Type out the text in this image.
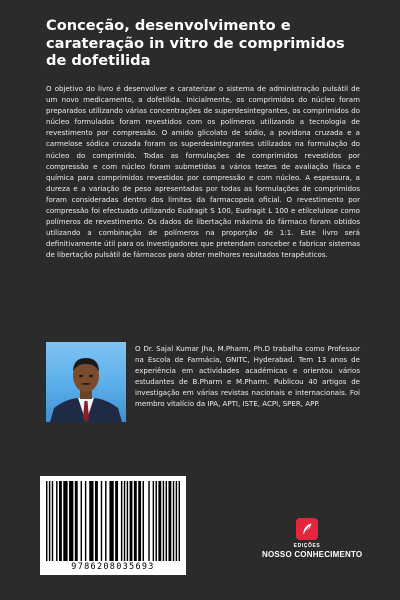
Conceção, desenvolvimento e carateração in vitro de comprimidos de dofetilida

O objetivo do livro é desenvolver e caraterizar o sistema de administração pulsátil de um novo medicamento, a dofetilida. Inicialmente, os comprimidos do núcleo foram preparados utilizando várias concentrações de superdesintegrantes, os comprimidos do núcleo formulados foram revestidos com os polímeros utilizando a tecnologia de revestimento por compressão. O amido glicolato de sódio, a povidona cruzada e a carmelose sódica cruzada foram os superdesintegrantes utilizados na formulação do núcleo do comprimido. Todas as formulações de comprimidos revestidos por compressão e com núcleo foram submetidas a vários testes de avaliação física e química para comprimidos revestidos por compressão e com núcleo. A espessura, a dureza e a variação de peso apresentadas por todas as formulações de comprimidos foram consideradas dentro dos limites da farmacopeia oficial. O revestimento por compressão foi efectuado utilizando Eudragit S 100, Eudragit L 100 e etilcelulose como polímeros de revestimento. Os dados de libertação máxima do fármaco foram obtidos utilizando a combinação de polímeros na proporção de 1:1. Este livro será definitivamente útil para os investigadores que pretendam conceber e fabricar sistemas de libertação pulsátil de fármacos para obter melhores resultados terapêuticos.

O Dr. Sajal Kumar Jha, M.Pharm, Ph.D trabalha como Professor na Escola de Farmácia, GNITC, Hyderabad. Tem 13 anos de experiência em actividades académicas e orientou vários estudantes de B.Pharm e M.Pharm. Publicou 40 artigos de investigação em várias revistas nacionais e internacionais. Foi membro vitalício da IPA, APTI, ISTE, ACPI, SPER, APP.

9786208035693
EDIÇÕES
NOSSO CONHECIMENTO
